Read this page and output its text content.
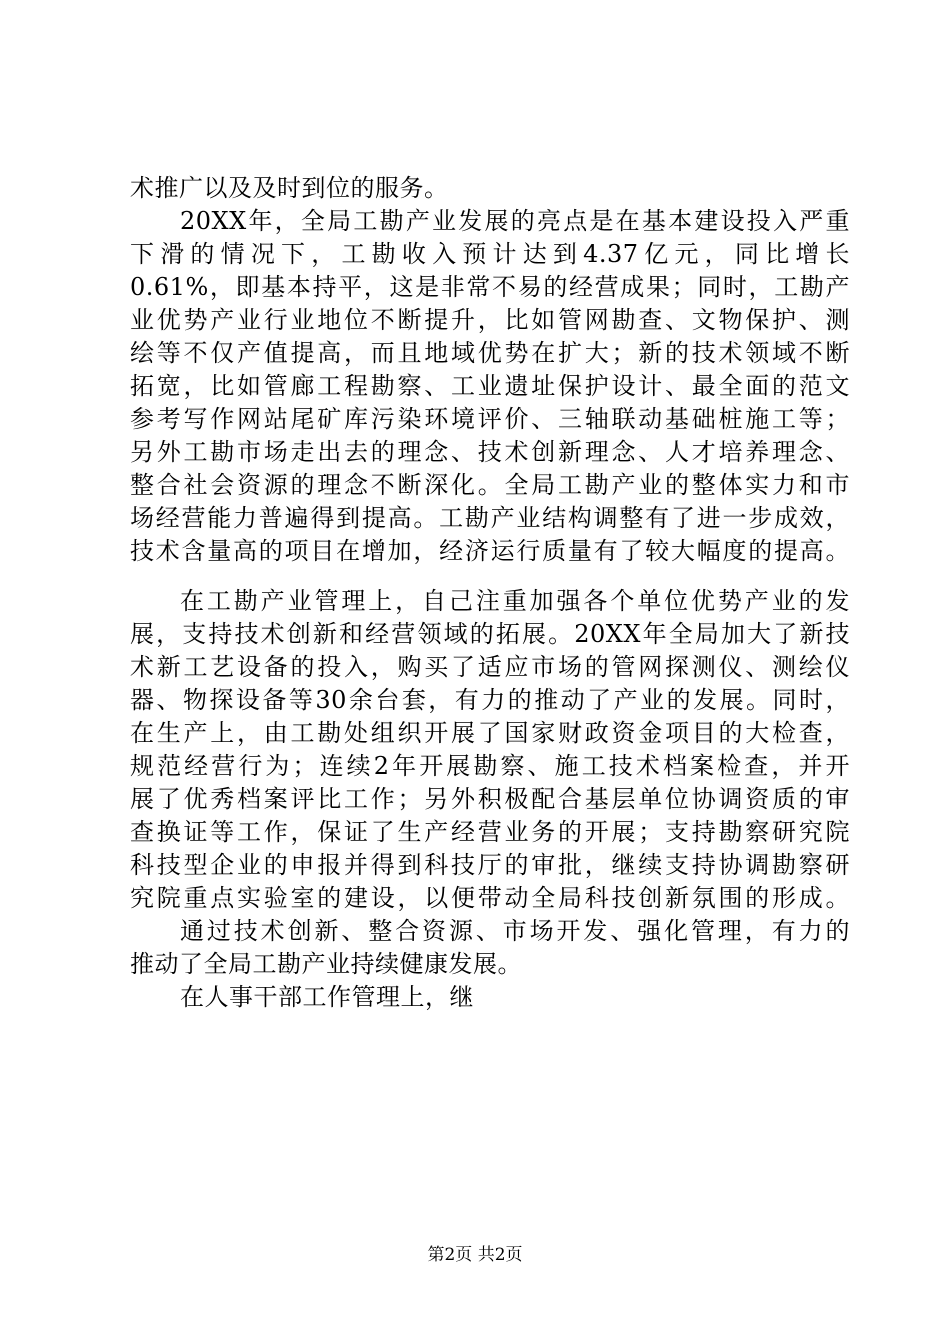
术推广以及及时到位的服务。
20XX年，全局工勘产业发展的亮点是在基本建设投入严重
下滑的情况下，工勘收入预计达到4.37亿元，同比增长
0.61%，即基本持平，这是非常不易的经营成果；同时，工勘产
业优势产业行业地位不断提升，比如管网勘查、文物保护、测
绘等不仅产值提高，而且地域优势在扩大；新的技术领域不断
拓宽，比如管廊工程勘察、工业遗址保护设计、最全面的范文
参考写作网站尾矿库污染环境评价、三轴联动基础桩施工等；
另外工勘市场走出去的理念、技术创新理念、人才培养理念、
整合社会资源的理念不断深化。全局工勘产业的整体实力和市
场经营能力普遍得到提高。工勘产业结构调整有了进一步成效，
技术含量高的项目在增加，经济运行质量有了较大幅度的提高。
在工勘产业管理上，自己注重加强各个单位优势产业的发
展，支持技术创新和经营领域的拓展。20XX年全局加大了新技
术新工艺设备的投入，购买了适应市场的管网探测仪、测绘仪
器、物探设备等30余台套，有力的推动了产业的发展。同时，
在生产上，由工勘处组织开展了国家财政资金项目的大检查，
规范经营行为；连续2年开展勘察、施工技术档案检查，并开
展了优秀档案评比工作；另外积极配合基层单位协调资质的审
查换证等工作，保证了生产经营业务的开展；支持勘察研究院
科技型企业的申报并得到科技厅的审批，继续支持协调勘察研
究院重点实验室的建设，以便带动全局科技创新氛围的形成。
通过技术创新、整合资源、市场开发、强化管理，有力的
推动了全局工勘产业持续健康发展。
在人事干部工作管理上，继
第2页 共2页
